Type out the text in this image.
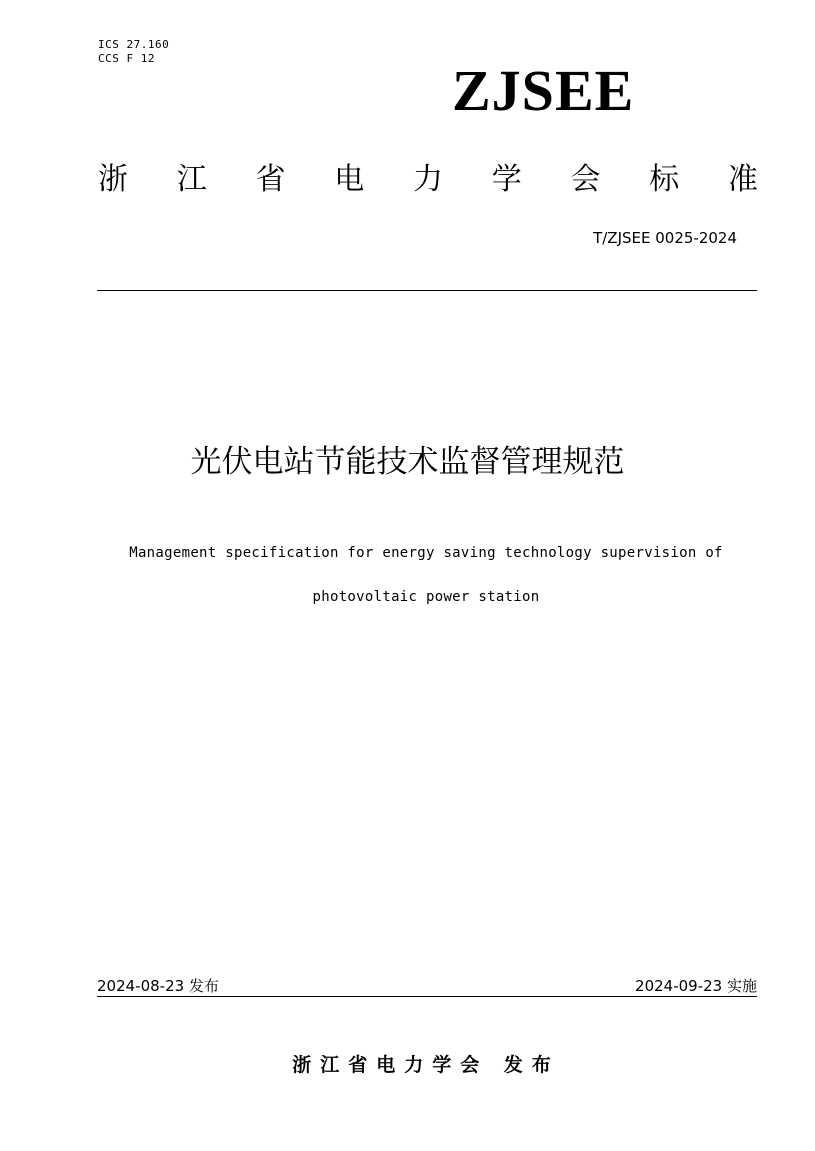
ICS 27.160
CCS F 12	ZJSEE
浙 江 省 电 力 学 会 标 准
T/ZJSEE 0025-2024
光伏电站节能技术监督管理规范
Management specification for energy saving technology supervision of
photovoltaic power station
2024-08-23 发布	2024-09-23 实施
浙江省电力学会 发布
